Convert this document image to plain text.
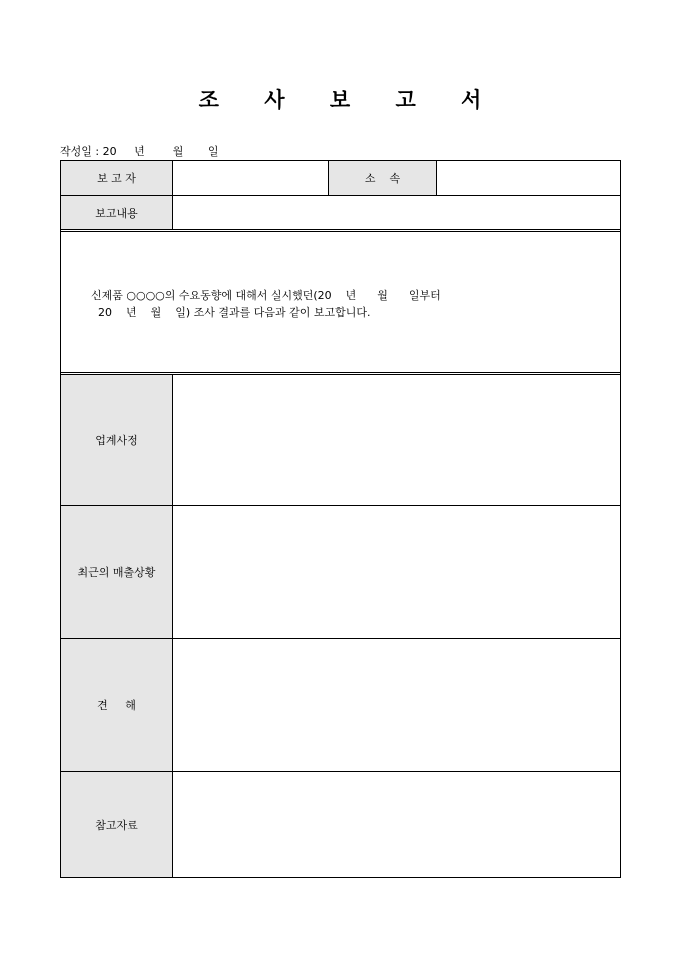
조 사 보 고 서
작성일 : 20 년	월 일
보 고 자	소    속
보고내용
신제품 ○○○○의 수요동향에 대해서 실시했던(20    년      월      일부터
20    년    월    일) 조사 결과를 다음과 같이 보고합니다.
업계사정
최근의 매출상황
견     해
참고자료
